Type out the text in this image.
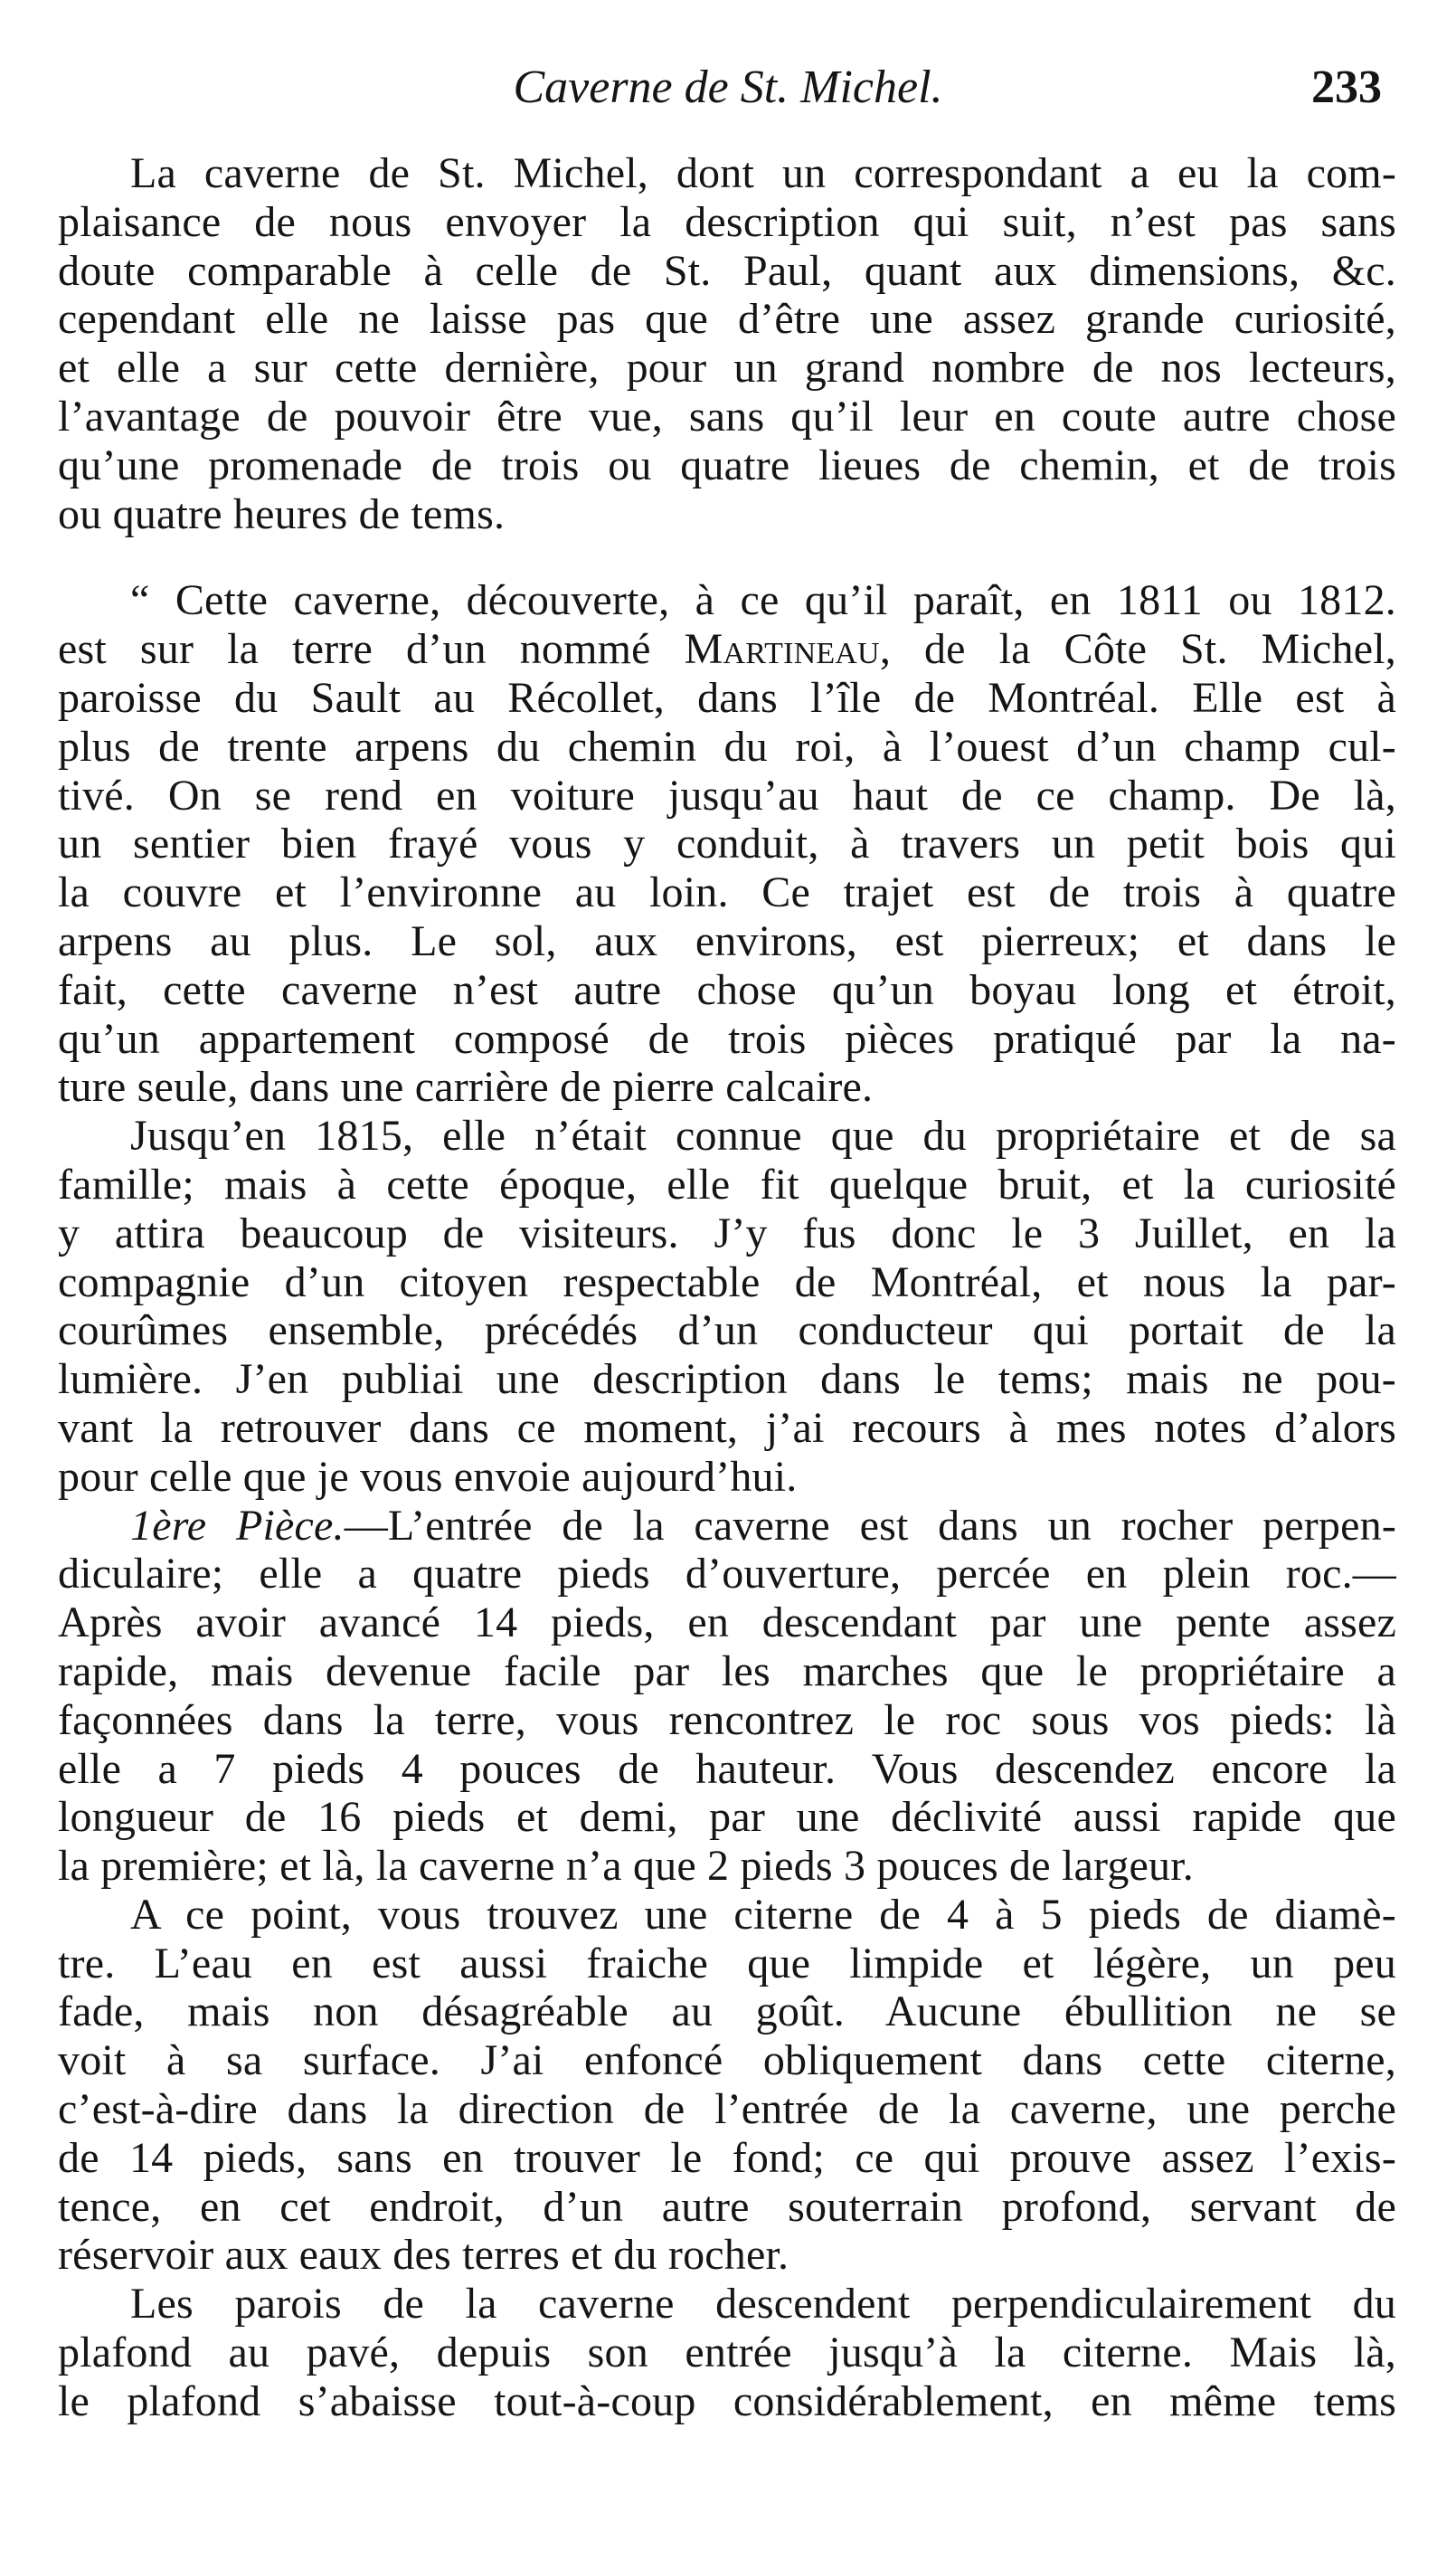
Caverne de St. Michel.	233

La caverne de St. Michel, dont un correspondant a eu la com-
plaisance de nous envoyer la description qui suit, n’est pas sans
doute comparable à celle de St. Paul, quant aux dimensions, &c.
cependant elle ne laisse pas que d’être une assez grande curiosité,
et elle a sur cette dernière, pour un grand nombre de nos lecteurs,
l’avantage de pouvoir être vue, sans qu’il leur en coute autre chose
qu’une promenade de trois ou quatre lieues de chemin, et de trois
ou quatre heures de tems.

“ Cette caverne, découverte, à ce qu’il paraît, en 1811 ou 1812.
est sur la terre d’un nommé Martineau, de la Côte St. Michel,
paroisse du Sault au Récollet, dans l’île de Montréal. Elle est à
plus de trente arpens du chemin du roi, à l’ouest d’un champ cul-
tivé. On se rend en voiture jusqu’au haut de ce champ. De là,
un sentier bien frayé vous y conduit, à travers un petit bois qui
la couvre et l’environne au loin. Ce trajet est de trois à quatre
arpens au plus. Le sol, aux environs, est pierreux; et dans le
fait, cette caverne n’est autre chose qu’un boyau long et étroit,
qu’un appartement composé de trois pièces pratiqué par la na-
ture seule, dans une carrière de pierre calcaire.

Jusqu’en 1815, elle n’était connue que du propriétaire et de sa
famille; mais à cette époque, elle fit quelque bruit, et la curiosité
y attira beaucoup de visiteurs. J’y fus donc le 3 Juillet, en la
compagnie d’un citoyen respectable de Montréal, et nous la par-
courûmes ensemble, précédés d’un conducteur qui portait de la
lumière. J’en publiai une description dans le tems; mais ne pou-
vant la retrouver dans ce moment, j’ai recours à mes notes d’alors
pour celle que je vous envoie aujourd’hui.

1ère Pièce.—L’entrée de la caverne est dans un rocher perpen-
diculaire; elle a quatre pieds d’ouverture, percée en plein roc.—
Après avoir avancé 14 pieds, en descendant par une pente assez
rapide, mais devenue facile par les marches que le propriétaire a
façonnées dans la terre, vous rencontrez le roc sous vos pieds: là
elle a 7 pieds 4 pouces de hauteur. Vous descendez encore la
longueur de 16 pieds et demi, par une déclivité aussi rapide que
la première; et là, la caverne n’a que 2 pieds 3 pouces de largeur.

A ce point, vous trouvez une citerne de 4 à 5 pieds de diamè-
tre. L’eau en est aussi fraiche que limpide et légère, un peu
fade, mais non désagréable au goût. Aucune ébullition ne se
voit à sa surface. J’ai enfoncé obliquement dans cette citerne,
c’est-à-dire dans la direction de l’entrée de la caverne, une perche
de 14 pieds, sans en trouver le fond; ce qui prouve assez l’exis-
tence, en cet endroit, d’un autre souterrain profond, servant de
réservoir aux eaux des terres et du rocher.

Les parois de la caverne descendent perpendiculairement du
plafond au pavé, depuis son entrée jusqu’à la citerne. Mais là,
le plafond s’abaisse tout-à-coup considérablement, en même tems
